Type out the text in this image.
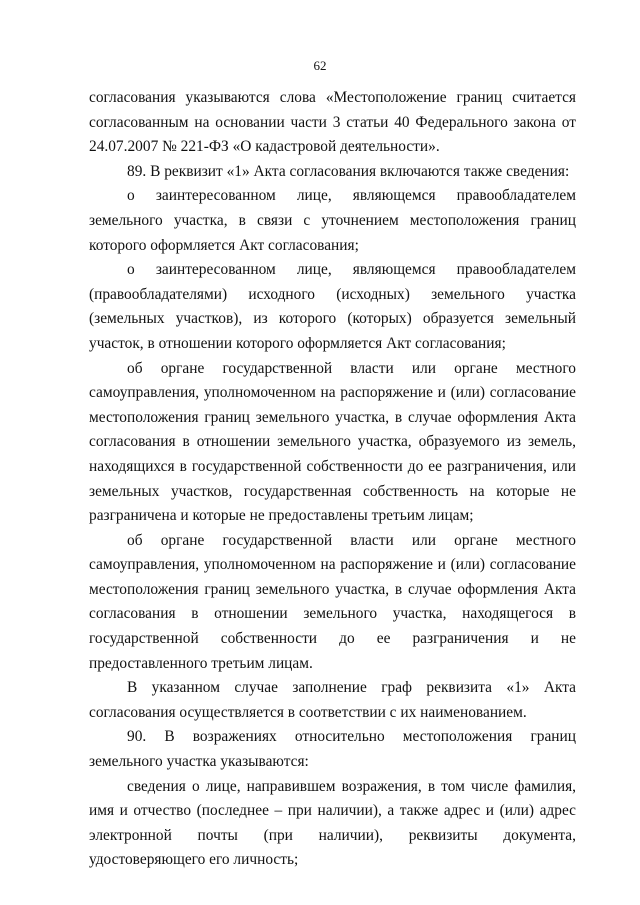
62

согласования указываются слова «Местоположение границ считается согласованным на основании части 3 статьи 40 Федерального закона от 24.07.2007 № 221-ФЗ «О кадастровой деятельности».

89. В реквизит «1» Акта согласования включаются также сведения:

о заинтересованном лице, являющемся правообладателем земельного участка, в связи с уточнением местоположения границ которого оформляется Акт согласования;

о заинтересованном лице, являющемся правообладателем (правообладателями) исходного (исходных) земельного участка (земельных участков), из которого (которых) образуется земельный участок, в отношении которого оформляется Акт согласования;

об органе государственной власти или органе местного самоуправления, уполномоченном на распоряжение и (или) согласование местоположения границ земельного участка, в случае оформления Акта согласования в отношении земельного участка, образуемого из земель, находящихся в государственной собственности до ее разграничения, или земельных участков, государственная собственность на которые не разграничена и которые не предоставлены третьим лицам;

об органе государственной власти или органе местного самоуправления, уполномоченном на распоряжение и (или) согласование местоположения границ земельного участка, в случае оформления Акта согласования в отношении земельного участка, находящегося в государственной собственности до ее разграничения и не предоставленного третьим лицам.

В указанном случае заполнение граф реквизита «1» Акта согласования осуществляется в соответствии с их наименованием.

90. В возражениях относительно местоположения границ земельного участка указываются:

сведения о лице, направившем возражения, в том числе фамилия, имя и отчество (последнее – при наличии), а также адрес и (или) адрес электронной почты (при наличии), реквизиты документа, удостоверяющего его личность;
